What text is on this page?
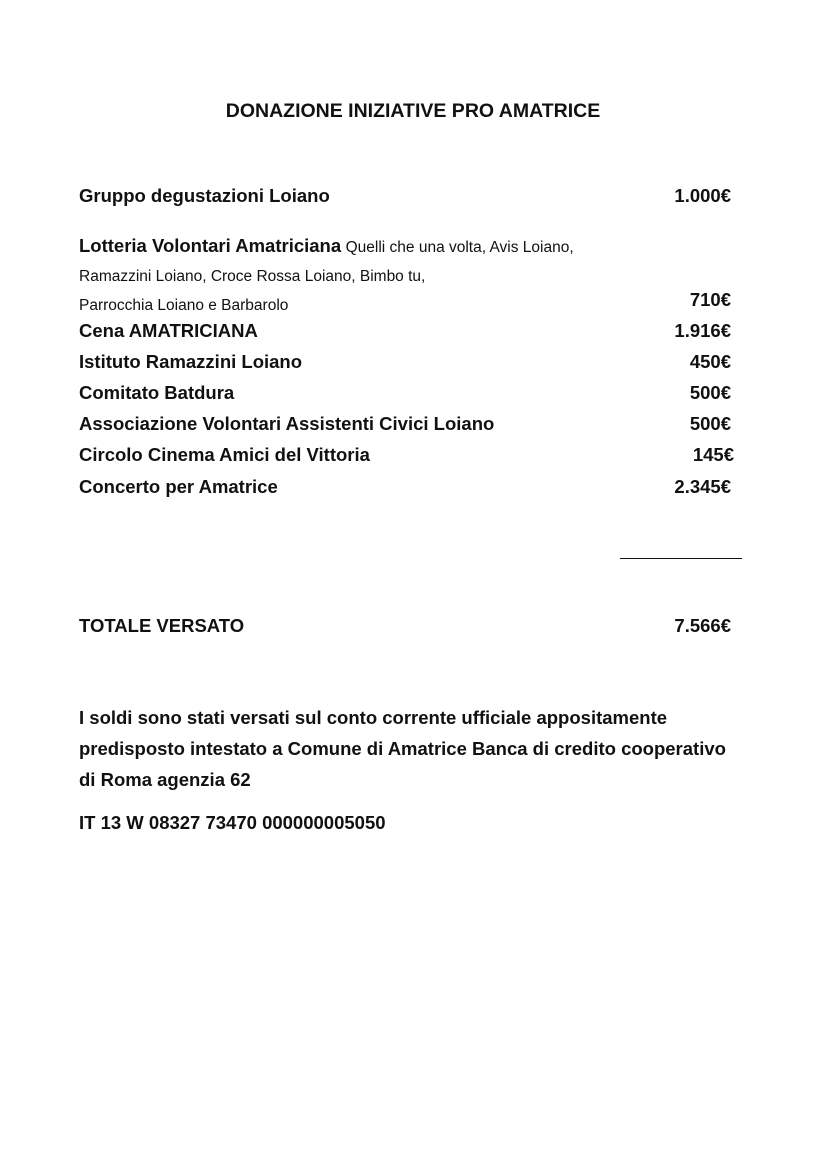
DONAZIONE INIZIATIVE PRO AMATRICE
Gruppo degustazioni Loiano	1.000€
Lotteria Volontari Amatriciana Quelli che una volta, Avis Loiano,
Ramazzini Loiano, Croce Rossa Loiano, Bimbo tu,
Parrocchia Loiano e Barbarolo	710€
Cena AMATRICIANA	1.916€
Istituto Ramazzini Loiano	450€
Comitato Batdura	500€
Associazione Volontari Assistenti Civici Loiano	500€
Circolo Cinema Amici del Vittoria	145€
Concerto per Amatrice	2.345€
TOTALE VERSATO	7.566€
I soldi sono stati versati sul conto corrente ufficiale appositamente predisposto intestato a Comune di Amatrice Banca di credito cooperativo di Roma agenzia 62
IT 13 W 08327 73470 000000005050
